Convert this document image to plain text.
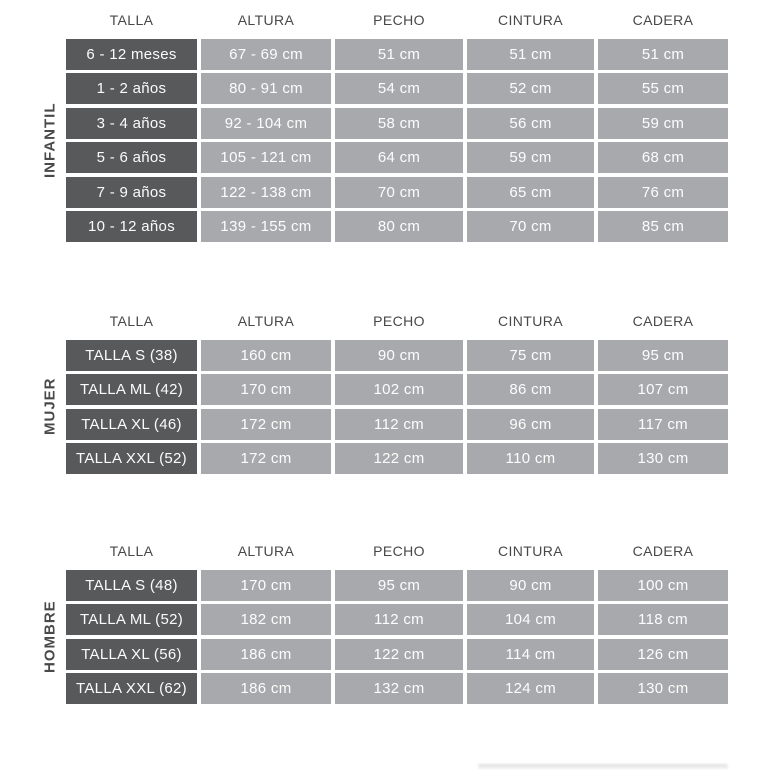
INFANTIL
TALLA	ALTURA	PECHO	CINTURA	CADERA
6 - 12 meses	67 - 69 cm	51 cm	51 cm	51 cm
1 - 2 años	80 - 91 cm	54 cm	52 cm	55 cm
3 - 4 años	92 - 104 cm	58 cm	56 cm	59 cm
5 - 6 años	105 - 121 cm	64 cm	59 cm	68 cm
7 - 9 años	122 - 138 cm	70 cm	65 cm	76 cm
10 - 12 años	139 - 155 cm	80 cm	70 cm	85 cm
MUJER
TALLA	ALTURA	PECHO	CINTURA	CADERA
TALLA S (38)	160 cm	90 cm	75 cm	95 cm
TALLA ML (42)	170 cm	102 cm	86 cm	107 cm
TALLA XL (46)	172 cm	112 cm	96 cm	117 cm
TALLA XXL (52)	172 cm	122 cm	110 cm	130 cm
HOMBRE
TALLA	ALTURA	PECHO	CINTURA	CADERA
TALLA S (48)	170 cm	95 cm	90 cm	100 cm
TALLA ML (52)	182 cm	112 cm	104 cm	118 cm
TALLA XL (56)	186 cm	122 cm	114 cm	126 cm
TALLA XXL (62)	186 cm	132 cm	124 cm	130 cm
